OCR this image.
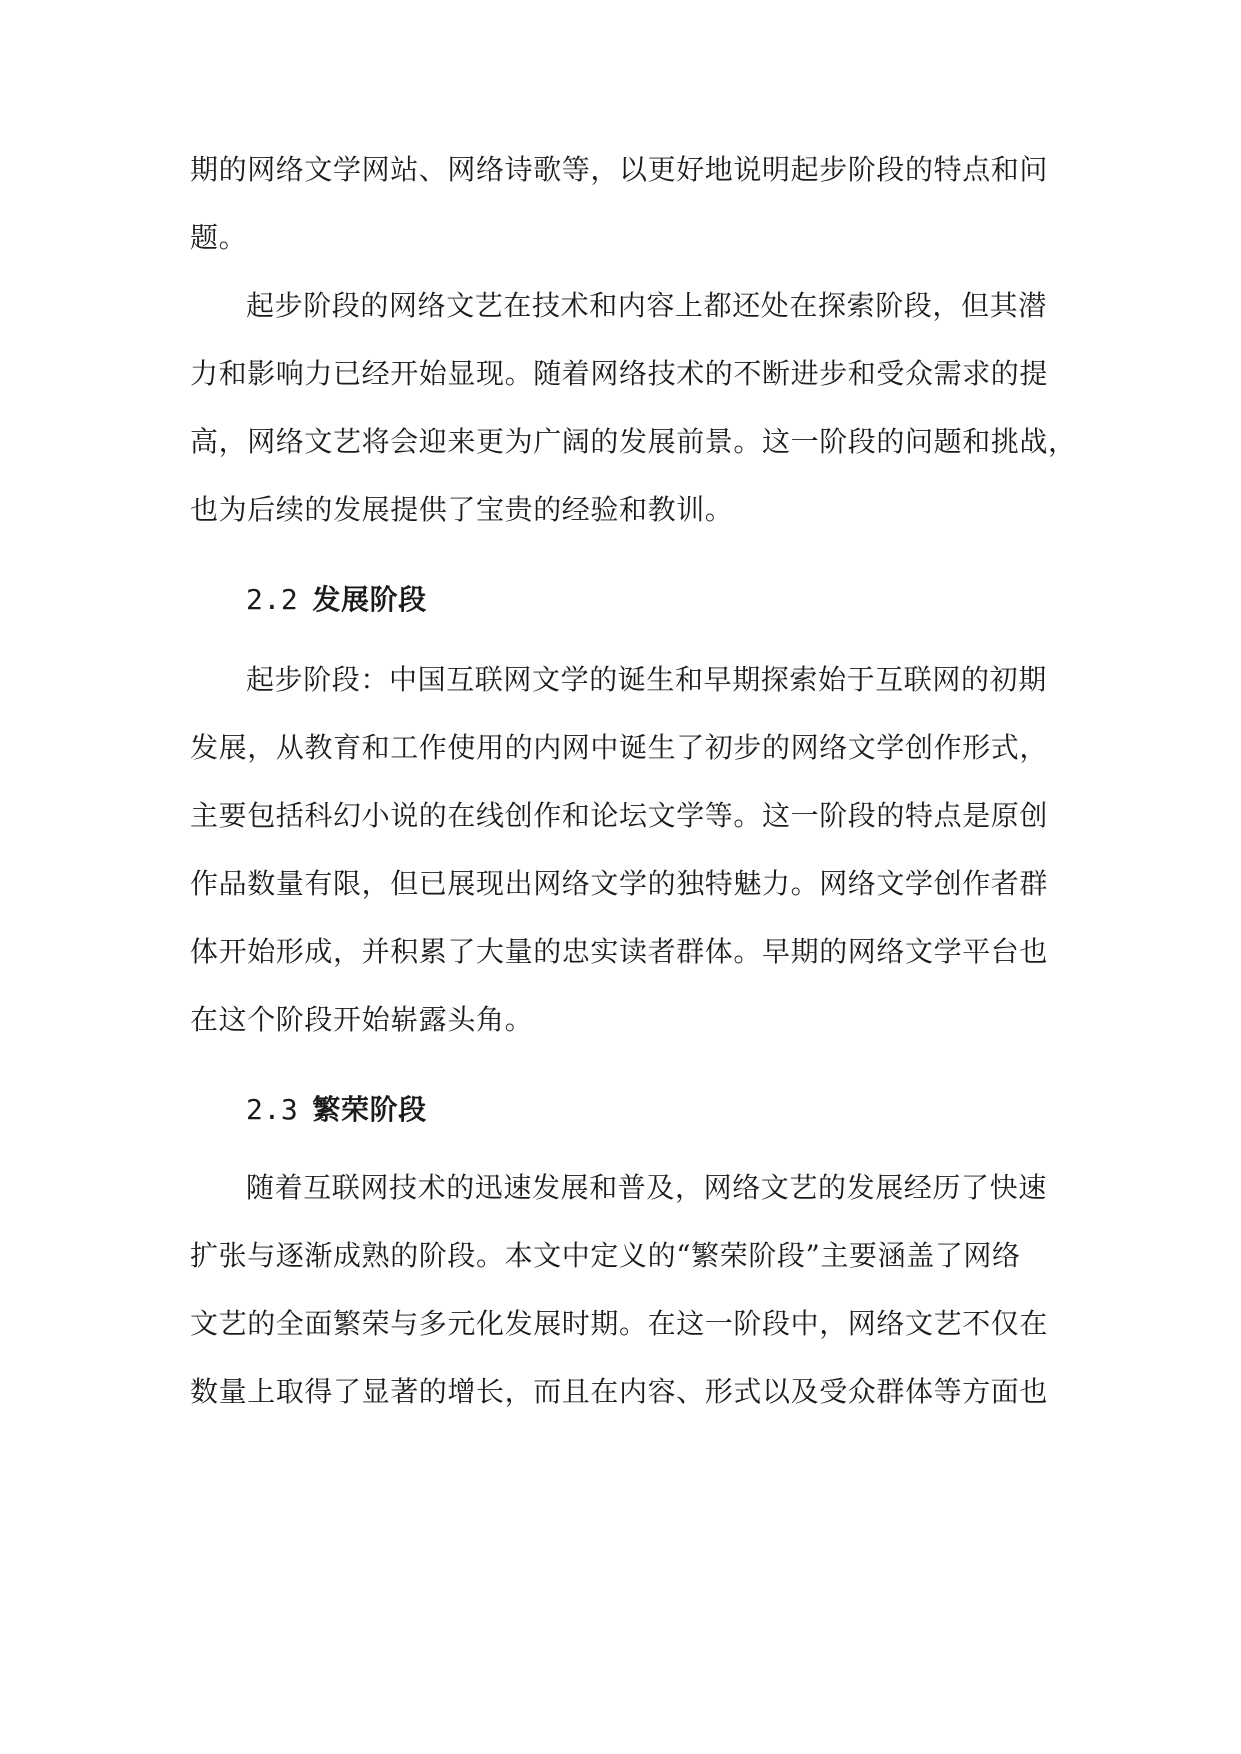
期的网络文学网站、网络诗歌等，以更好地说明起步阶段的特点和问
题。
起步阶段的网络文艺在技术和内容上都还处在探索阶段，但其潜
力和影响力已经开始显现。随着网络技术的不断进步和受众需求的提
高，网络文艺将会迎来更为广阔的发展前景。这一阶段的问题和挑战，
也为后续的发展提供了宝贵的经验和教训。
2.2 发展阶段
起步阶段：中国互联网文学的诞生和早期探索始于互联网的初期
发展，从教育和工作使用的内网中诞生了初步的网络文学创作形式，
主要包括科幻小说的在线创作和论坛文学等。这一阶段的特点是原创
作品数量有限，但已展现出网络文学的独特魅力。网络文学创作者群
体开始形成，并积累了大量的忠实读者群体。早期的网络文学平台也
在这个阶段开始崭露头角。
2.3 繁荣阶段
随着互联网技术的迅速发展和普及，网络文艺的发展经历了快速
扩张与逐渐成熟的阶段。本文中定义的“繁荣阶段”主要涵盖了网络
文艺的全面繁荣与多元化发展时期。在这一阶段中，网络文艺不仅在
数量上取得了显著的增长，而且在内容、形式以及受众群体等方面也
